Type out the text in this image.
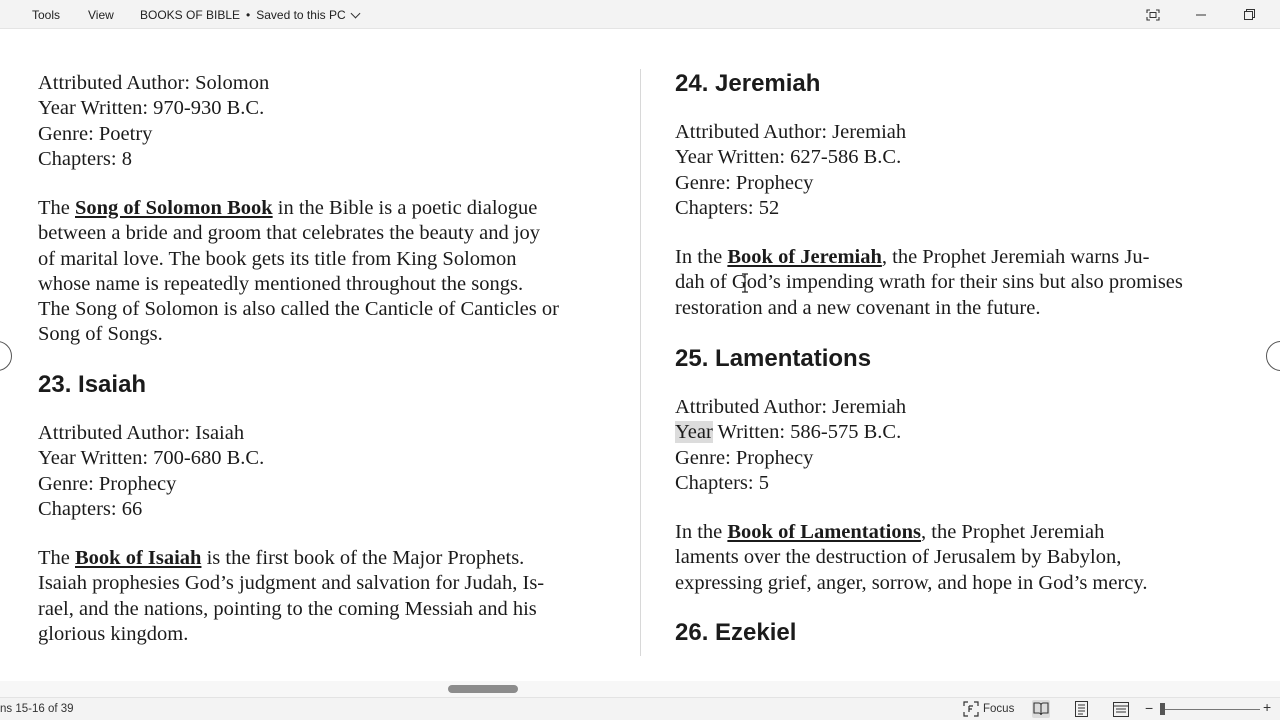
Tools View BOOKS OF BIBLE • Saved to this PC
Attributed Author: Solomon
Year Written: 970-930 B.C.
Genre: Poetry
Chapters: 8
The Song of Solomon Book in the Bible is a poetic dialogue
between a bride and groom that celebrates the beauty and joy
of marital love. The book gets its title from King Solomon
whose name is repeatedly mentioned throughout the songs.
The Song of Solomon is also called the Canticle of Canticles or
Song of Songs.
23. Isaiah
Attributed Author: Isaiah
Year Written: 700-680 B.C.
Genre: Prophecy
Chapters: 66
The Book of Isaiah is the first book of the Major Prophets.
Isaiah prophesies God’s judgment and salvation for Judah, Is-
rael, and the nations, pointing to the coming Messiah and his
glorious kingdom.
24. Jeremiah
Attributed Author: Jeremiah
Year Written: 627-586 B.C.
Genre: Prophecy
Chapters: 52
In the Book of Jeremiah, the Prophet Jeremiah warns Ju-
dah of God’s impending wrath for their sins but also promises
restoration and a new covenant in the future.
25. Lamentations
Attributed Author: Jeremiah
Year Written: 586-575 B.C.
Genre: Prophecy
Chapters: 5
In the Book of Lamentations, the Prophet Jeremiah
laments over the destruction of Jerusalem by Babylon,
expressing grief, anger, sorrow, and hope in God’s mercy.
26. Ezekiel
ns 15-16 of 39	Focus	−	+
